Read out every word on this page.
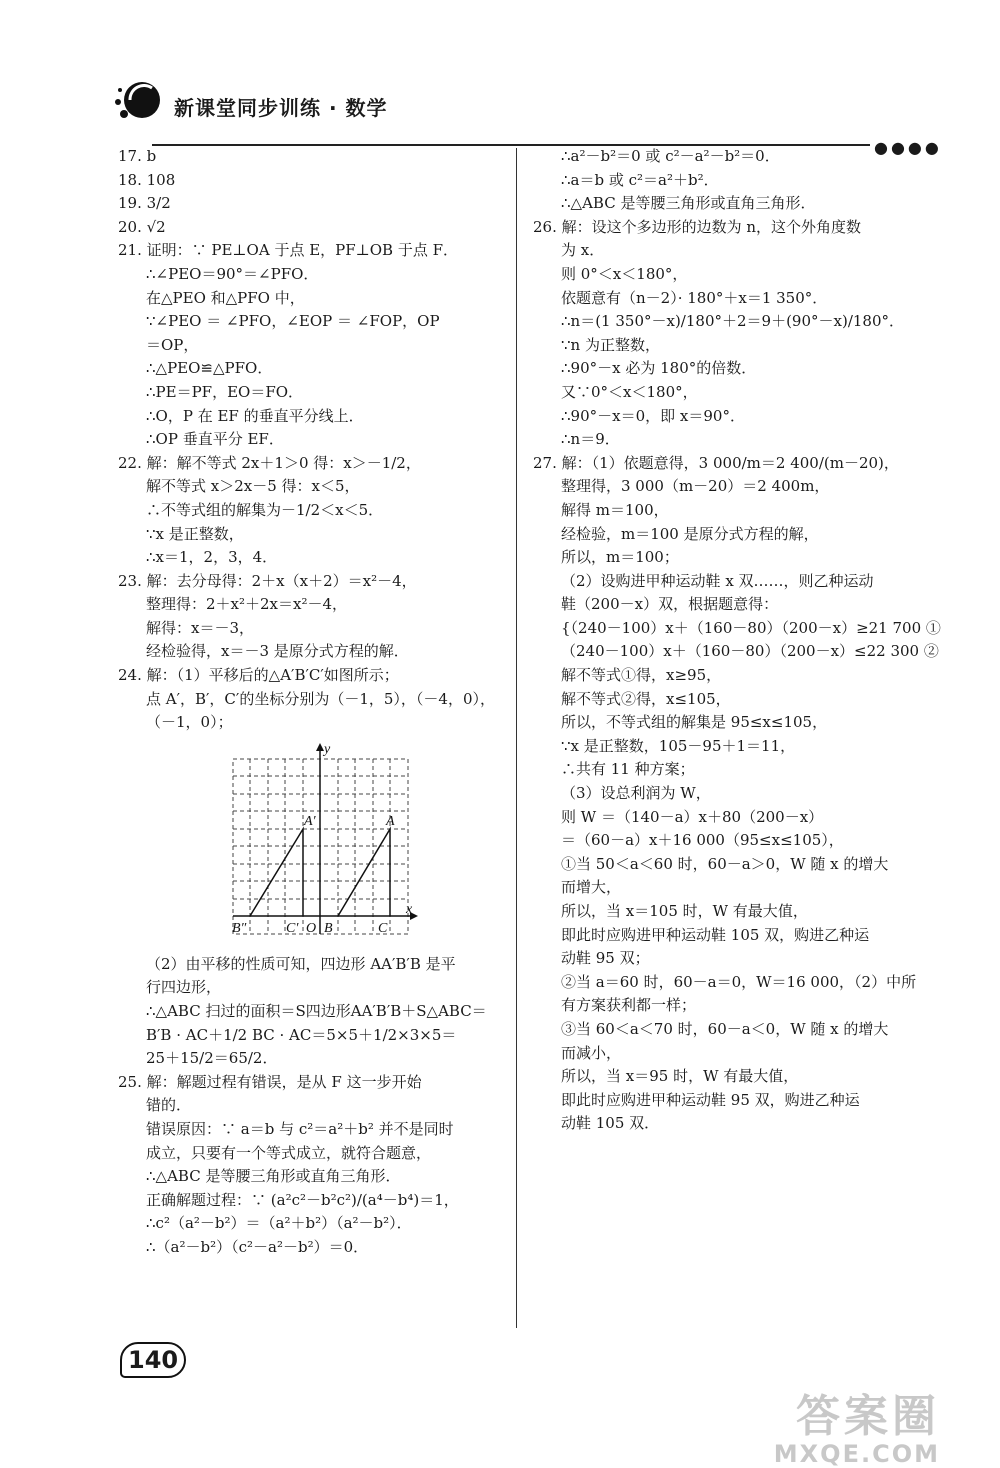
新课堂同步训练 · 数学
●●●●
17. b
18. 108
19. 3/2
20. √2
21. 证明：∵ PE⊥OA 于点 E，PF⊥OB 于点 F．
∴∠PEO＝90°＝∠PFO．
在△PEO 和△PFO 中，
∵∠PEO ＝ ∠PFO，∠EOP ＝ ∠FOP，OP
＝OP，
∴△PEO≌△PFO．
∴PE＝PF，EO＝FO．
∴O，P 在 EF 的垂直平分线上．
∴OP 垂直平分 EF．
22. 解：解不等式 2x＋1＞0 得：x＞－1/2，
解不等式 x＞2x－5 得：x＜5，
∴不等式组的解集为－1/2＜x＜5．
∵x 是正整数，
∴x＝1，2，3，4．
23. 解：去分母得：2＋x（x＋2）＝x²－4，
整理得：2＋x²＋2x＝x²－4，
解得：x＝－3，
经检验得，x＝－3 是原分式方程的解．
24. 解：（1）平移后的△A′B′C′如图所示；
点 A′，B′，C′的坐标分别为（－1，5），（－4，0），
（－1，0）；
y
x
A′	A
B″	C′ O B	C
（2）由平移的性质可知，四边形 AA′B′B 是平
行四边形，
∴△ABC 扫过的面积＝S四边形AA′B′B＋S△ABC＝
B′B · AC＋1/2 BC · AC＝5×5＋1/2×3×5＝
25＋15/2＝65/2．
25. 解：解题过程有错误，是从 F 这一步开始
错的．
错误原因：∵ a＝b 与 c²＝a²＋b² 并不是同时
成立，只要有一个等式成立，就符合题意，
∴△ABC 是等腰三角形或直角三角形．
正确解题过程：∵ (a²c²－b²c²)/(a⁴－b⁴)＝1，
∴c²（a²－b²）＝（a²＋b²）（a²－b²）．
∴（a²－b²）（c²－a²－b²）＝0．
∴a²－b²＝0 或 c²－a²－b²＝0．
∴a＝b 或 c²＝a²＋b²．
∴△ABC 是等腰三角形或直角三角形．
26. 解：设这个多边形的边数为 n，这个外角度数
为 x．
则 0°＜x＜180°，
依题意有（n－2）· 180°＋x＝1 350°．
∴n＝(1 350°－x)/180°＋2＝9＋(90°－x)/180°．
∵n 为正整数，
∴90°－x 必为 180°的倍数．
又∵0°＜x＜180°，
∴90°－x＝0，即 x＝90°．
∴n＝9．
27. 解：（1）依题意得，3 000/m＝2 400/(m－20)，
整理得，3 000（m－20）＝2 400m，
解得 m＝100，
经检验，m＝100 是原分式方程的解，
所以，m＝100；
（2）设购进甲种运动鞋 x 双……，则乙种运动
鞋（200－x）双，根据题意得：
{（240－100）x＋（160－80）（200－x）≥21 700 ①
（240－100）x＋（160－80）（200－x）≤22 300 ②
解不等式①得，x≥95，
解不等式②得，x≤105，
所以，不等式组的解集是 95≤x≤105，
∵x 是正整数，105－95＋1＝11，
∴共有 11 种方案；
（3）设总利润为 W，
则 W ＝（140－a）x＋80（200－x）
＝（60－a）x＋16 000（95≤x≤105），
①当 50＜a＜60 时，60－a＞0，W 随 x 的增大
而增大，
所以，当 x＝105 时，W 有最大值，
即此时应购进甲种运动鞋 105 双，购进乙种运
动鞋 95 双；
②当 a＝60 时，60－a＝0，W＝16 000，（2）中所
有方案获利都一样；
③当 60＜a＜70 时，60－a＜0，W 随 x 的增大
而减小，
所以，当 x＝95 时，W 有最大值，
即此时应购进甲种运动鞋 95 双，购进乙种运
动鞋 105 双．
140
答案圈
MXQE.COM
